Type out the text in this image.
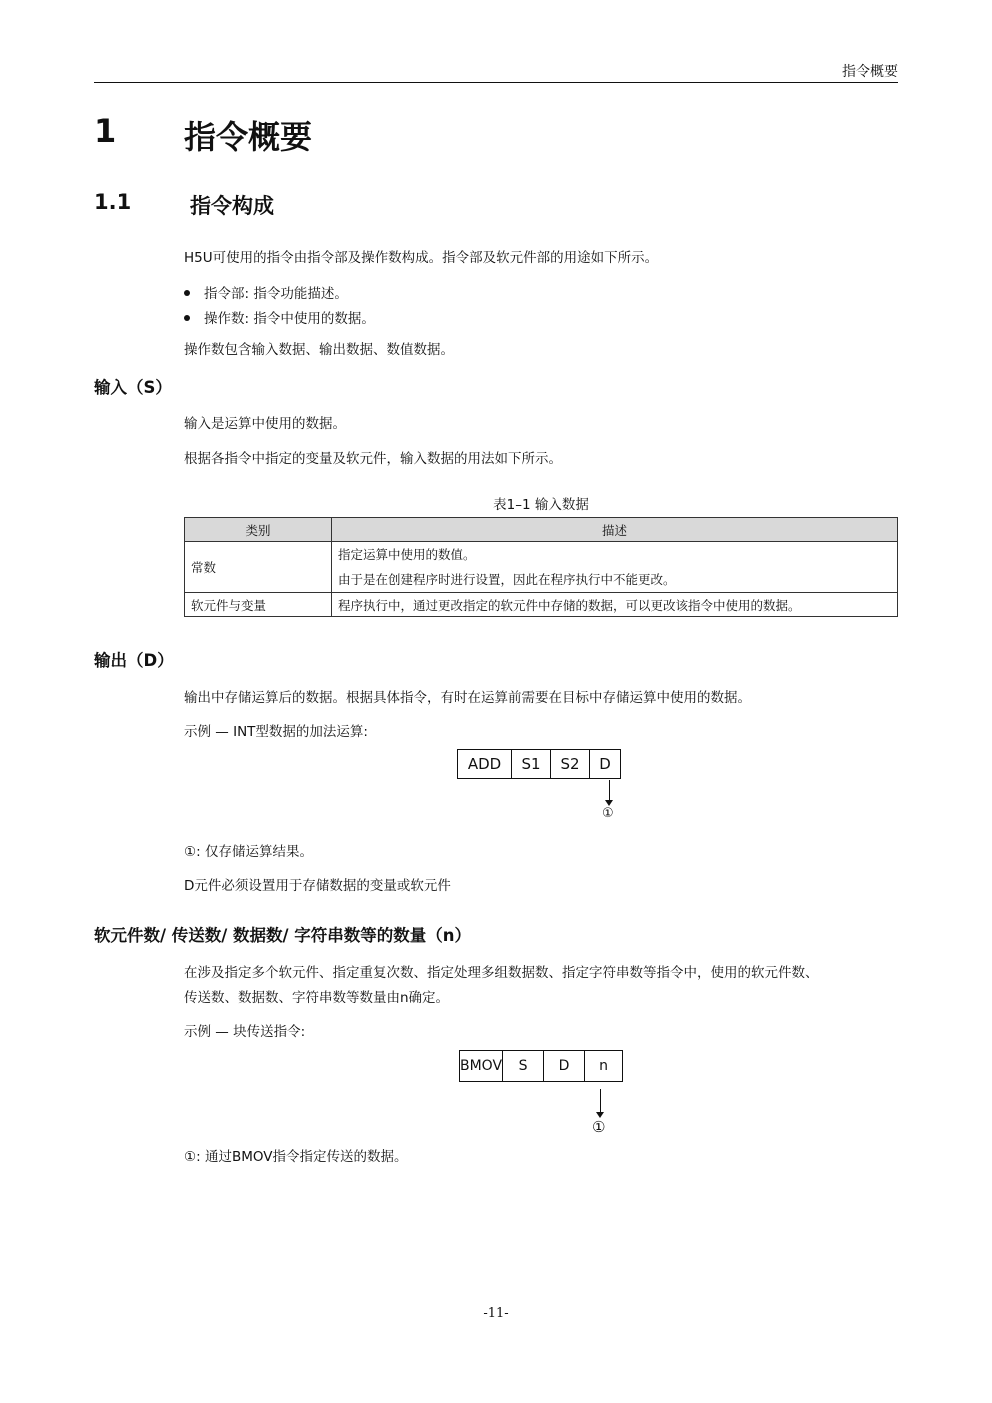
指令概要
1 指令概要
1.1	指令构成
H5U可使用的指令由指令部及操作数构成。指令部及软元件部的用途如下所示。
指令部: 指令功能描述。
操作数: 指令中使用的数据。
操作数包含输入数据、输出数据、数值数据。
输入（S）
输入是运算中使用的数据。
根据各指令中指定的变量及软元件，输入数据的用法如下所示。
表1–1 输入数据
类别	描述
常数	指定运算中使用的数值。
由于是在创建程序时进行设置，因此在程序执行中不能更改。

软元件与变量	程序执行中，通过更改指定的软元件中存储的数据，可以更改该指令中使用的数据。
输出（D）
输出中存储运算后的数据。根据具体指令，有时在运算前需要在目标中存储运算中使用的数据。
示例 — INT型数据的加法运算:
ADD	S1	S2	D
①
①: 仅存储运算结果。
D元件必须设置用于存储数据的变量或软元件
软元件数/ 传送数/ 数据数/ 字符串数等的数量（n）
在涉及指定多个软元件、指定重复次数、指定处理多组数据数、指定字符串数等指令中，使用的软元件数、
传送数、数据数、字符串数等数量由n确定。
示例 — 块传送指令:
BMOV	S	D	n
①
①: 通过BMOV指令指定传送的数据。
-11-
